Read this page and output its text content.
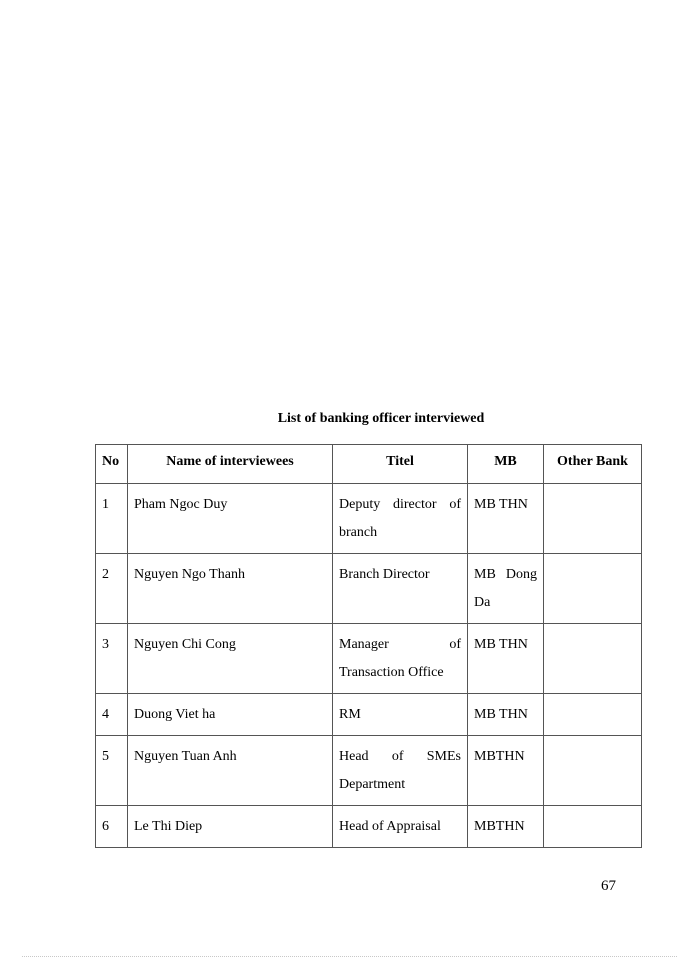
List of banking officer interviewed
No	Name of interviewees	Titel	MB	Other Bank
1	Pham Ngoc Duy	Deputy director of branch	MB THN	
2	Nguyen Ngo Thanh	Branch Director	MB Dong Da	
3	Nguyen Chi Cong	Manager of Transaction Office	MB THN	
4	Duong Viet ha	RM	MB THN	
5	Nguyen Tuan Anh	Head of SMEs Department	MBTHN	
6	Le Thi Diep	Head of Appraisal	MBTHN	
67
